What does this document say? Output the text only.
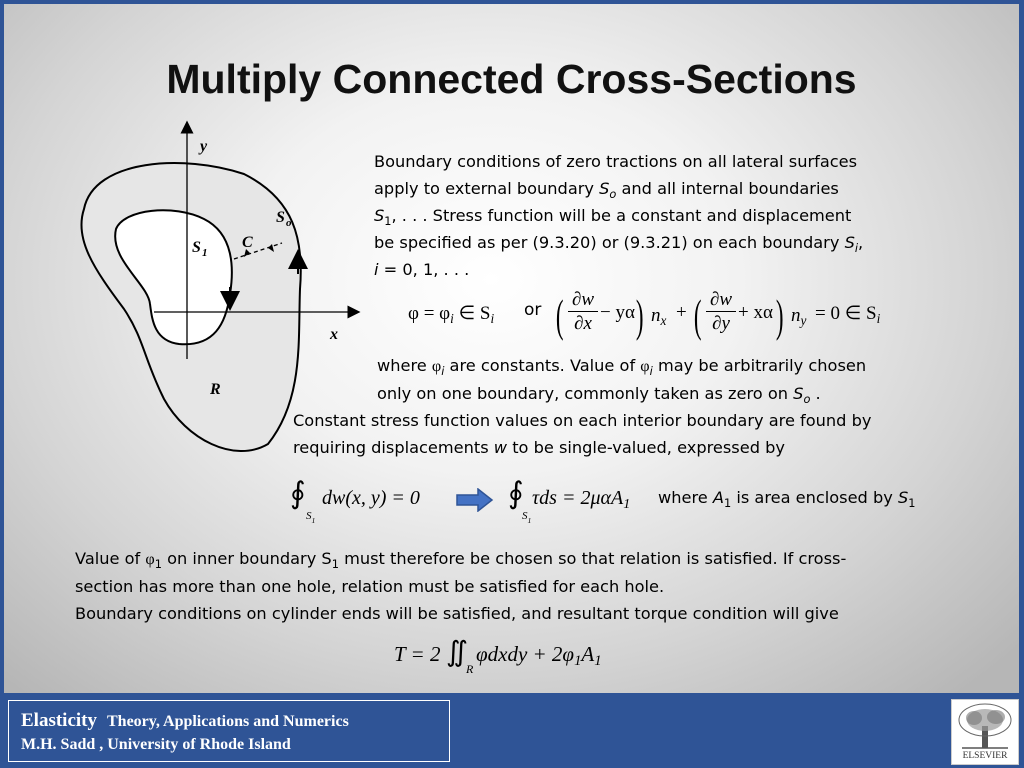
Multiply Connected Cross-Sections
y
x
S o
S 1
C
R
Boundary conditions of zero tractions on all lateral surfaces
apply to external boundary $S_o$ and all internal boundaries
$S_1$, . . . Stress function will be a constant and displacement
be specified as per (9.3.20) or (9.3.21) on each boundary $S_i$,
i = 0, 1, . . .
$\varphi = \varphi_i$ ∈ $S_i$ or ( ∂w
∂x
− yα ) $n_x$ + ( ∂w
∂y
+ xα ) $n_y = 0$ ∈ $S_i$
where $\varphi_i$ are constants. Value of $\varphi_i$ may be arbitrarily chosen
only on one boundary, commonly taken as zero on $S_o$ .
Constant stress function values on each interior boundary are found by
requiring displacements w to be single-valued, expressed by
∮
$S_1$
dw(x, y) = 0	∮
$S_1$
τds = 2μαA$_1$ where $A_1$ is area enclosed by $S_1$
Value of $\varphi_1$ on inner boundary $S_1$ must therefore be chosen so that relation is satisfied. If cross-
section has more than one hole, relation must be satisfied for each hole.
Boundary conditions on cylinder ends will be satisfied, and resultant torque condition will give
T = 2 ∬
R
φdxdy + $2\varphi_1A_1$
Elasticity Theory, Applications and Numerics
M.H. Sadd , University of Rhode Island
ELSEVIER
